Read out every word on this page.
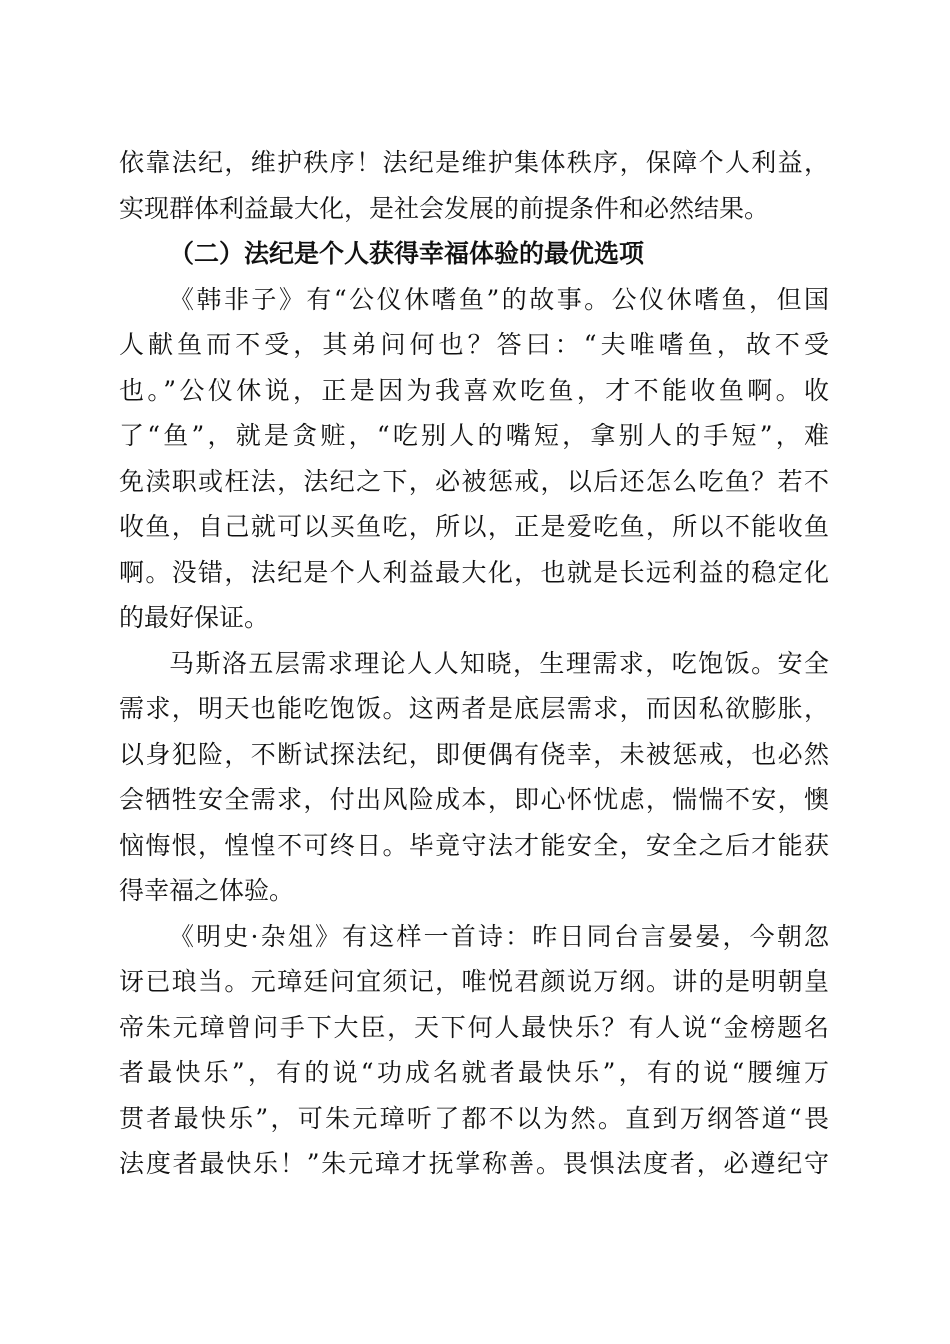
依靠法纪，维护秩序！法纪是维护集体秩序，保障个人利益，
实现群体利益最大化，是社会发展的前提条件和必然结果。
（二）法纪是个人获得幸福体验的最优选项
《韩非子》有“公仪休嗜鱼”的故事。公仪休嗜鱼，但国
人献鱼而不受，其弟问何也？答曰：“夫唯嗜鱼，故不受
也。”公仪休说，正是因为我喜欢吃鱼，才不能收鱼啊。收
了“鱼”，就是贪赃，“吃别人的嘴短，拿别人的手短”，难
免渎职或枉法，法纪之下，必被惩戒，以后还怎么吃鱼？若不
收鱼，自己就可以买鱼吃，所以，正是爱吃鱼，所以不能收鱼
啊。没错，法纪是个人利益最大化，也就是长远利益的稳定化
的最好保证。
马斯洛五层需求理论人人知晓，生理需求，吃饱饭。安全
需求，明天也能吃饱饭。这两者是底层需求，而因私欲膨胀，
以身犯险，不断试探法纪，即便偶有侥幸，未被惩戒，也必然
会牺牲安全需求，付出风险成本，即心怀忧虑，惴惴不安，懊
恼悔恨，惶惶不可终日。毕竟守法才能安全，安全之后才能获
得幸福之体验。
《明史·杂俎》有这样一首诗：昨日同台言晏晏，今朝忽
讶已琅当。元璋廷问宜须记，唯悦君颜说万纲。讲的是明朝皇
帝朱元璋曾问手下大臣，天下何人最快乐？有人说“金榜题名
者最快乐”，有的说“功成名就者最快乐”，有的说“腰缠万
贯者最快乐”，可朱元璋听了都不以为然。直到万纲答道“畏
法度者最快乐！”朱元璋才抚掌称善。畏惧法度者，必遵纪守
